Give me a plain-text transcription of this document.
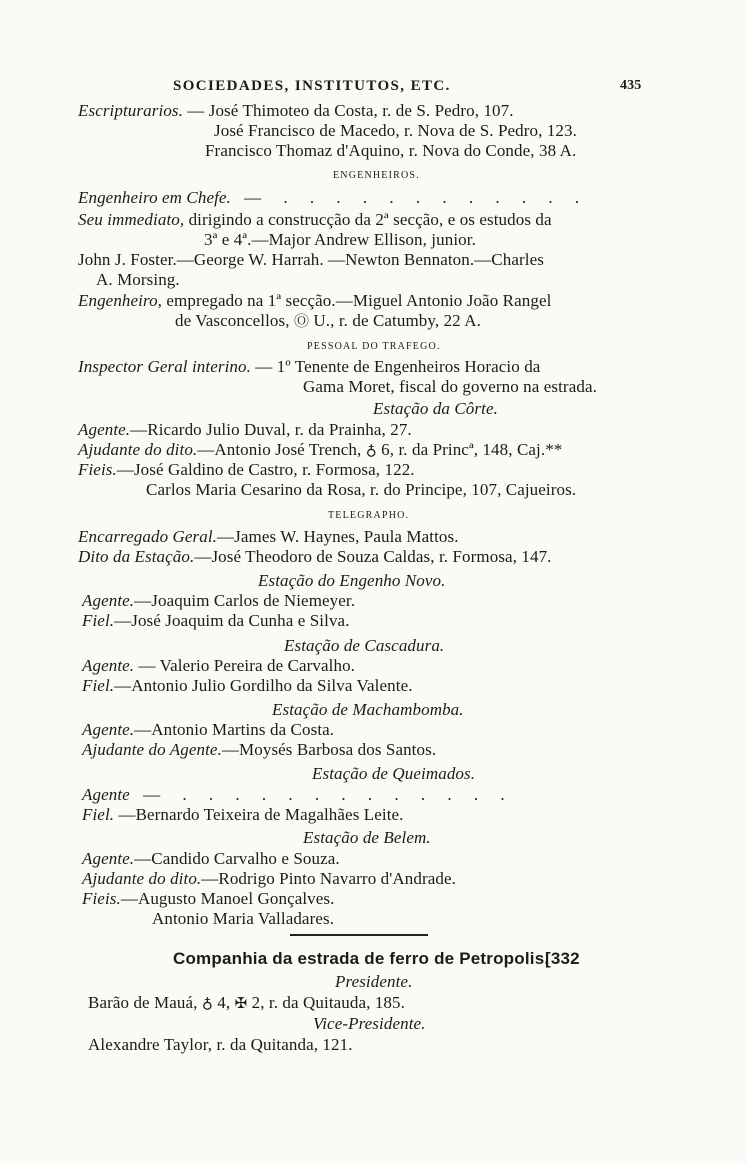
SOCIEDADES, INSTITUTOS, ETC.	435
Escripturarios. — José Thimoteo da Costa, r. de S. Pedro, 107.
José Francisco de Macedo, r. Nova de S. Pedro, 123.
Francisco Thomaz d'Aquino, r. Nova do Conde, 38 A.
ENGENHEIROS.
Engenheiro em Chefe. — . . . . . . . . . . . .
Seu immediato, dirigindo a construcção da 2ª secção, e os estudos da
3ª e 4ª.—Major Andrew Ellison, junior.
John J. Foster.—George W. Harrah. —Newton Bennaton.—Charles
A. Morsing.
Engenheiro, empregado na 1ª secção.—Miguel Antonio João Rangel
de Vasconcellos, Ⓞ U., r. de Catumby, 22 A.
PESSOAL DO TRAFEGO.
Inspector Geral interino. — 1º Tenente de Engenheiros Horacio da
Gama Moret, fiscal do governo na estrada.
Estação da Côrte.
Agente.—Ricardo Julio Duval, r. da Prainha, 27.
Ajudante do dito.—Antonio José Trench, ♁ 6, r. da Princª, 148, Caj.**
Fieis.—José Galdino de Castro, r. Formosa, 122.
Carlos Maria Cesarino da Rosa, r. do Principe, 107, Cajueiros.
TELEGRAPHO.
Encarregado Geral.—James W. Haynes, Paula Mattos.
Dito da Estação.—José Theodoro de Souza Caldas, r. Formosa, 147.
Estação do Engenho Novo.
Agente.—Joaquim Carlos de Niemeyer.
Fiel.—José Joaquim da Cunha e Silva.
Estação de Cascadura.
Agente. — Valerio Pereira de Carvalho.
Fiel.—Antonio Julio Gordilho da Silva Valente.
Estação de Machambomba.
Agente.—Antonio Martins da Costa.
Ajudante do Agente.—Moysés Barbosa dos Santos.
Estação de Queimados.
Agente — . . . . . . . . . . . . .
Fiel. —Bernardo Teixeira de Magalhães Leite.
Estação de Belem.
Agente.—Candido Carvalho e Souza.
Ajudante do dito.—Rodrigo Pinto Navarro d'Andrade.
Fieis.—Augusto Manoel Gonçalves.
Antonio Maria Valladares.
Companhia da estrada de ferro de Petropolis.
[332
Presidente.
Barão de Mauá, ♁ 4, ✠ 2, r. da Quitauda, 185.
Vice-Presidente.
Alexandre Taylor, r. da Quitanda, 121.
